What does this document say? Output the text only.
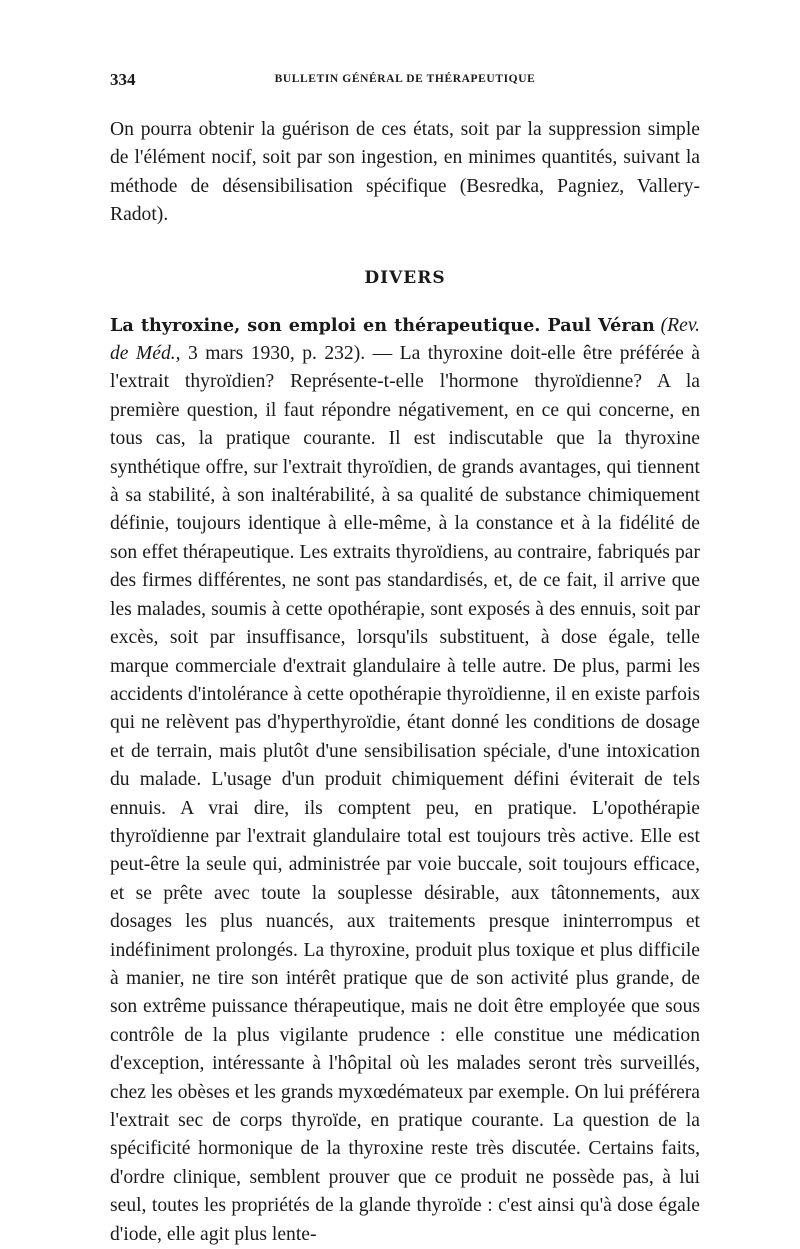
334	BULLETIN GÉNÉRAL DE THÉRAPEUTIQUE

On pourra obtenir la guérison de ces états, soit par la suppression simple de l'élément nocif, soit par son ingestion, en minimes quantités, suivant la méthode de désensibilisation spécifique (Besredka, Pagniez, Vallery-Radot).

DIVERS

La thyroxine, son emploi en thérapeutique. Paul Véran (Rev. de Méd., 3 mars 1930, p. 232). — La thyroxine doit-elle être préférée à l'extrait thyroïdien? Représente-t-elle l'hormone thyroïdienne? A la première question, il faut répondre négativement, en ce qui concerne, en tous cas, la pratique courante. Il est indiscutable que la thyroxine synthétique offre, sur l'extrait thyroïdien, de grands avantages, qui tiennent à sa stabilité, à son inaltérabilité, à sa qualité de substance chimiquement définie, toujours identique à elle-même, à la constance et à la fidélité de son effet thérapeutique. Les extraits thyroïdiens, au contraire, fabriqués par des firmes différentes, ne sont pas standardisés, et, de ce fait, il arrive que les malades, soumis à cette opothérapie, sont exposés à des ennuis, soit par excès, soit par insuffisance, lorsqu'ils substituent, à dose égale, telle marque commerciale d'extrait glandulaire à telle autre. De plus, parmi les accidents d'intolérance à cette opothérapie thyroïdienne, il en existe parfois qui ne relèvent pas d'hyperthyroïdie, étant donné les conditions de dosage et de terrain, mais plutôt d'une sensibilisation spéciale, d'une intoxication du malade. L'usage d'un produit chimiquement défini éviterait de tels ennuis. A vrai dire, ils comptent peu, en pratique. L'opothérapie thyroïdienne par l'extrait glandulaire total est toujours très active. Elle est peut-être la seule qui, administrée par voie buccale, soit toujours efficace, et se prête avec toute la souplesse désirable, aux tâtonnements, aux dosages les plus nuancés, aux traitements presque ininterrompus et indéfiniment prolongés. La thyroxine, produit plus toxique et plus difficile à manier, ne tire son intérêt pratique que de son activité plus grande, de son extrême puissance thérapeutique, mais ne doit être employée que sous contrôle de la plus vigilante prudence : elle constitue une médication d'exception, intéressante à l'hôpital où les malades seront très surveillés, chez les obèses et les grands myxœdémateux par exemple. On lui préférera l'extrait sec de corps thyroïde, en pratique courante. La question de la spécificité hormonique de la thyroxine reste très discutée. Certains faits, d'ordre clinique, semblent prouver que ce produit ne possède pas, à lui seul, toutes les propriétés de la glande thyroïde : c'est ainsi qu'à dose égale d'iode, elle agit plus lente-
